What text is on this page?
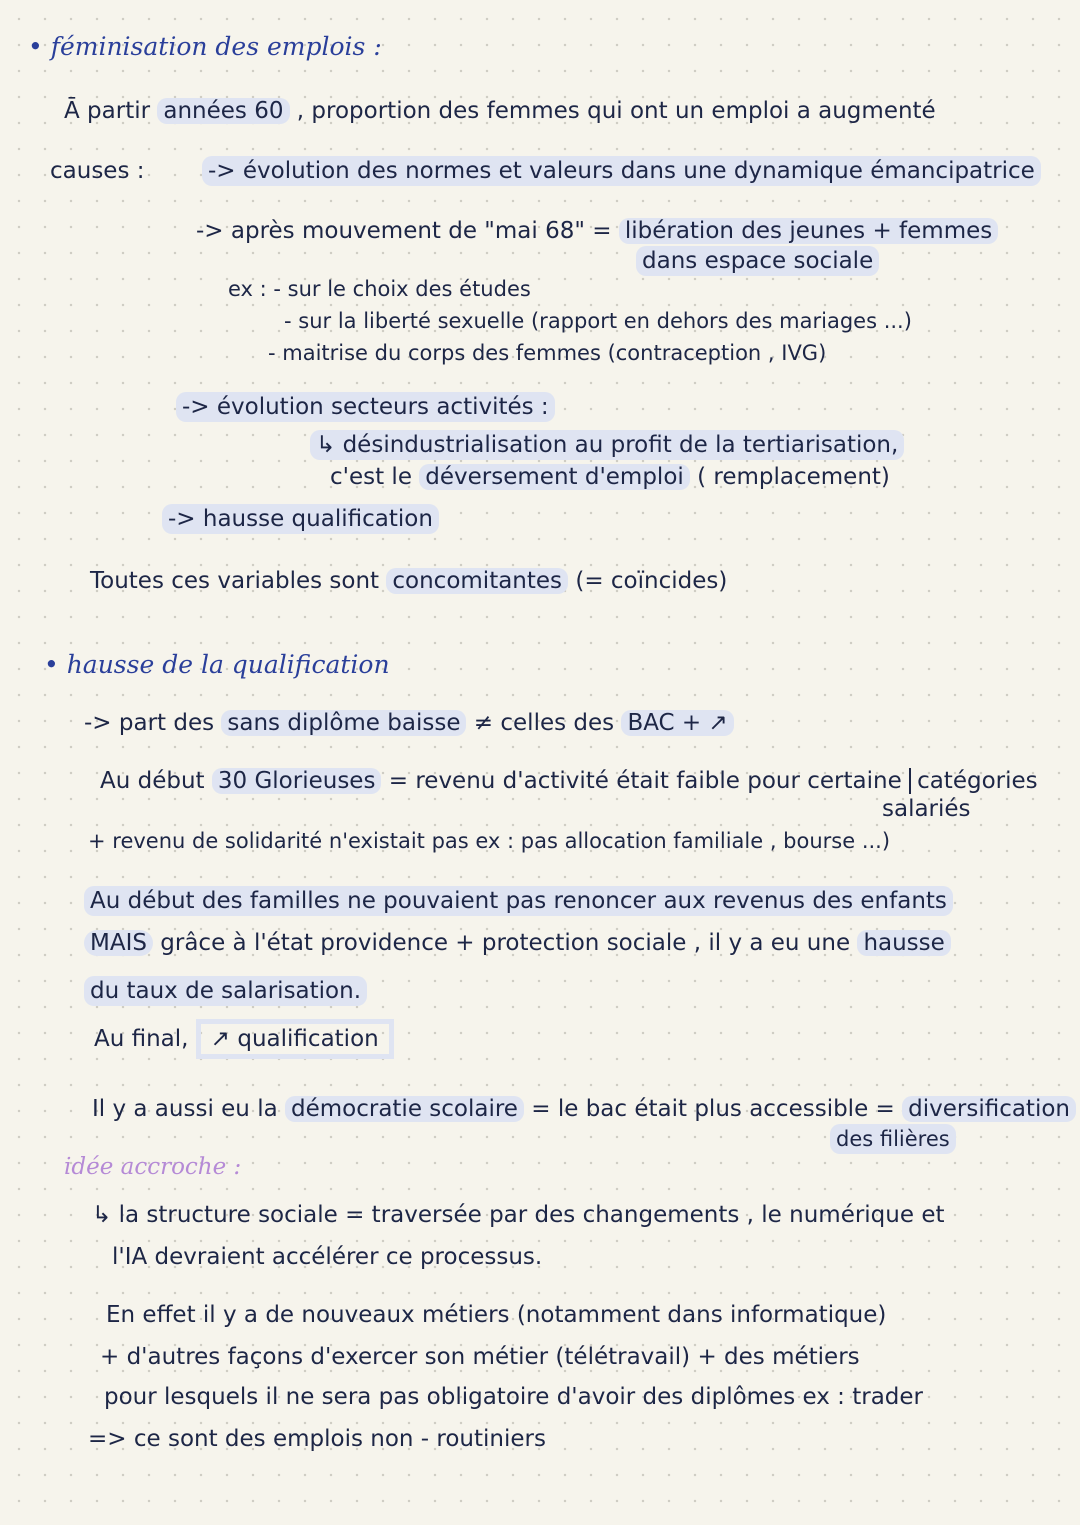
• féminisation des emplois :
Ā partir années 60 , proportion des femmes qui ont un emploi a augmenté
causes :	-> évolution des normes et valeurs dans une dynamique émancipatrice
-> après mouvement de "mai 68" = libération des jeunes + femmes
dans espace sociale
ex : - sur le choix des études
- sur la liberté sexuelle (rapport en dehors des mariages ...)
- maitrise du corps des femmes (contraception , IVG)
-> évolution secteurs activités :
↳ désindustrialisation au profit de la tertiarisation,
c'est le déversement d'emploi ( remplacement)
-> hausse qualification
Toutes ces variables sont concomitantes (= coïncides)
• hausse de la qualification
-> part des sans diplôme baisse ≠ celles des BAC + ↗
Au début 30 Glorieuses = revenu d'activité était faible pour certaine catégories
salariés
+ revenu de solidarité n'existait pas ex : pas allocation familiale , bourse ...)
Au début des familles ne pouvaient pas renoncer aux revenus des enfants
MAIS grâce à l'état providence + protection sociale , il y a eu une hausse
du taux de salarisation.
Au final, ↗ qualification
Il y a aussi eu la démocratie scolaire = le bac était plus accessible = diversification
des filières
idée accroche :
↳ la structure sociale = traversée par des changements , le numérique et
l'IA devraient accélérer ce processus.
En effet il y a de nouveaux métiers (notamment dans informatique)
+ d'autres façons d'exercer son métier (télétravail) + des métiers
pour lesquels il ne sera pas obligatoire d'avoir des diplômes ex : trader
=> ce sont des emplois non - routiniers
